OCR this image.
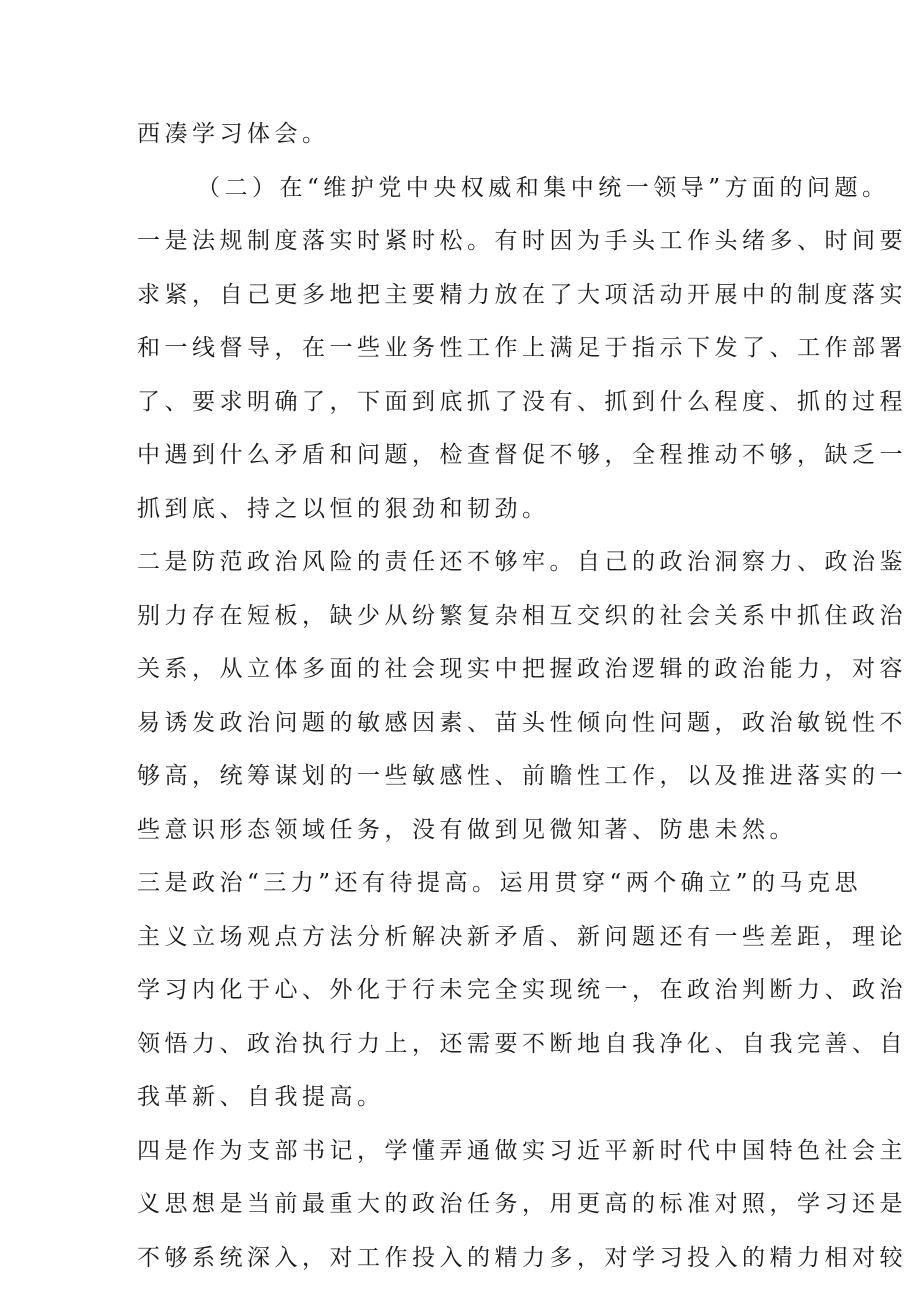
西凑学习体会。
（二）在“维护党中央权威和集中统一领导”方面的问题。
一是法规制度落实时紧时松。有时因为手头工作头绪多、时间要
求紧，自己更多地把主要精力放在了大项活动开展中的制度落实
和一线督导，在一些业务性工作上满足于指示下发了、工作部署
了、要求明确了，下面到底抓了没有、抓到什么程度、抓的过程
中遇到什么矛盾和问题，检查督促不够，全程推动不够，缺乏一
抓到底、持之以恒的狠劲和韧劲。
二是防范政治风险的责任还不够牢。自己的政治洞察力、政治鉴
别力存在短板，缺少从纷繁复杂相互交织的社会关系中抓住政治
关系，从立体多面的社会现实中把握政治逻辑的政治能力，对容
易诱发政治问题的敏感因素、苗头性倾向性问题，政治敏锐性不
够高，统筹谋划的一些敏感性、前瞻性工作，以及推进落实的一
些意识形态领域任务，没有做到见微知著、防患未然。
三是政治“三力”还有待提高。运用贯穿“两个确立”的马克思
主义立场观点方法分析解决新矛盾、新问题还有一些差距，理论
学习内化于心、外化于行未完全实现统一，在政治判断力、政治
领悟力、政治执行力上，还需要不断地自我净化、自我完善、自
我革新、自我提高。
四是作为支部书记，学懂弄通做实习近平新时代中国特色社会主
义思想是当前最重大的政治任务，用更高的标准对照，学习还是
不够系统深入，对工作投入的精力多，对学习投入的精力相对较
